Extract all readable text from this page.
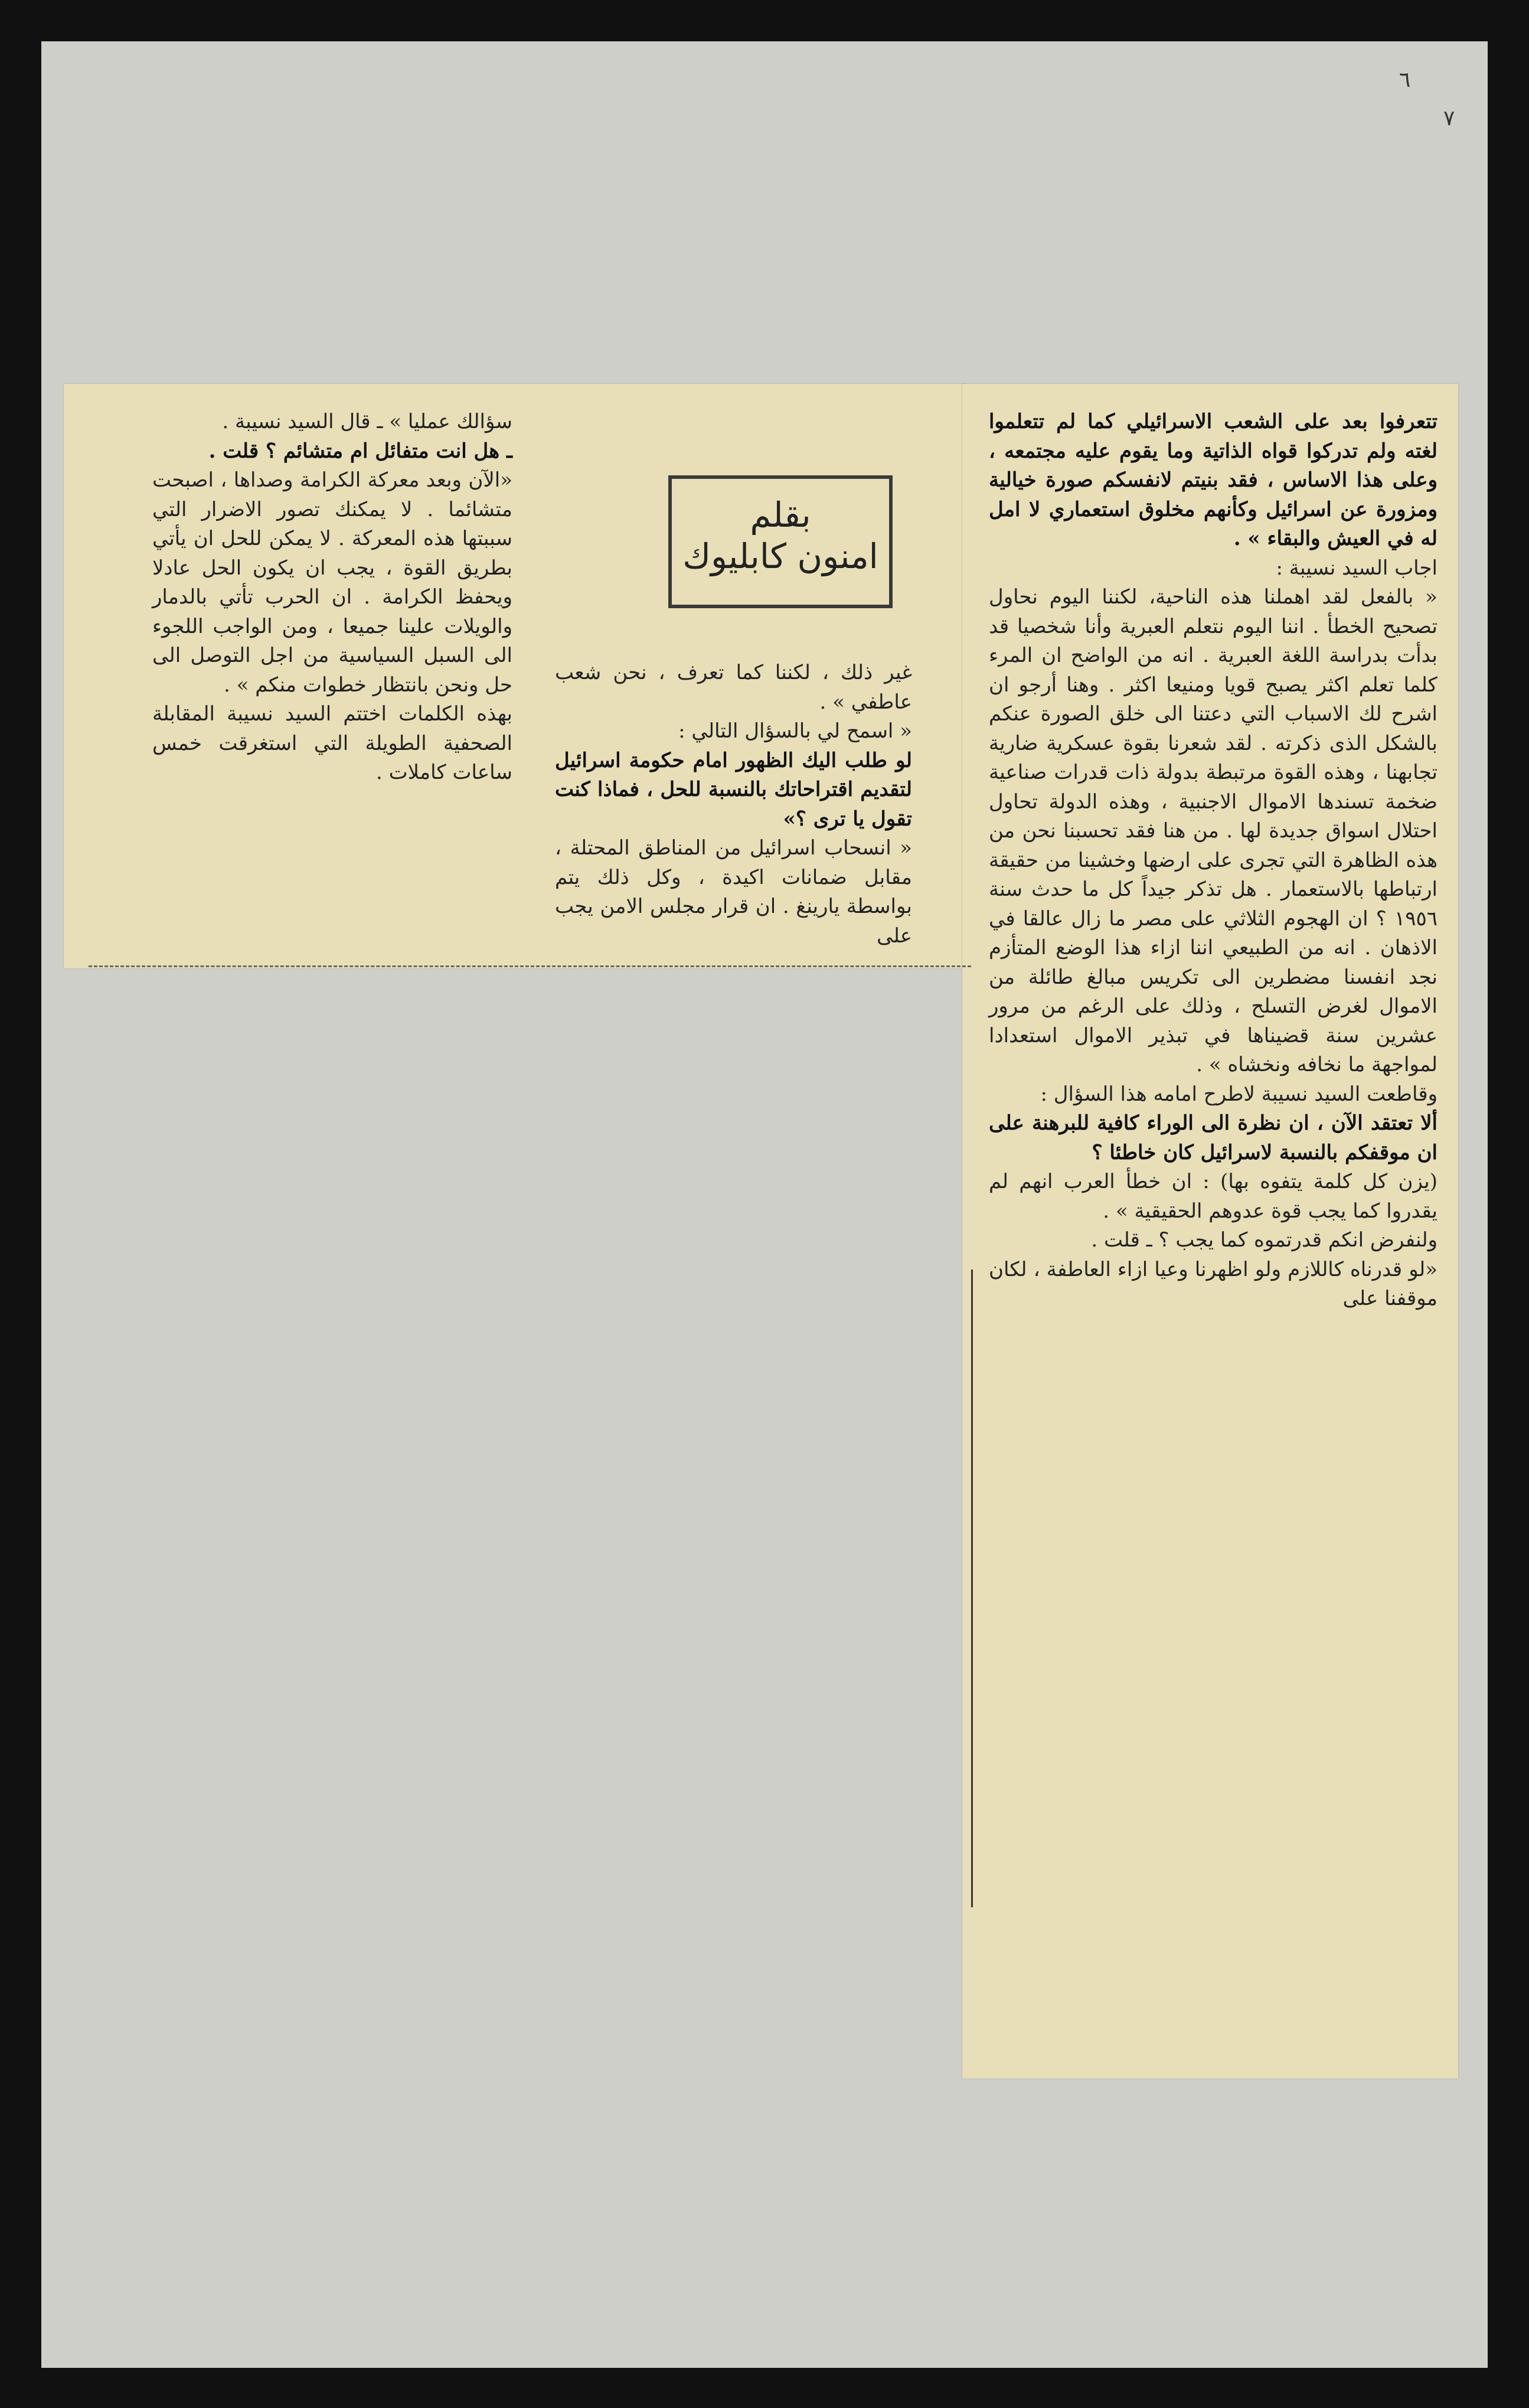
٦
٧
بقلم
امنون كابليوك

تتعرفوا بعد على الشعب الاسرائيلي كما لم تتعلموا لغته ولم تدركوا قواه الذاتية وما يقوم عليه مجتمعه ، وعلى هذا الاساس ، فقد بنيتم لانفسكم صورة خيالية ومزورة عن اسرائيل وكأنهم مخلوق استعماري لا امل له في العيش والبقاء » .

اجاب السيد نسيبة :

« بالفعل لقد اهملنا هذه الناحية، لكننا اليوم نحاول تصحيح الخطأ . اننا اليوم نتعلم العبرية وأنا شخصيا قد بدأت بدراسة اللغة العبرية . انه من الواضح ان المرء كلما تعلم اكثر يصبح قويا ومنيعا اكثر . وهنا أرجو ان اشرح لك الاسباب التي دعتنا الى خلق الصورة عنكم بالشكل الذى ذكرته . لقد شعرنا بقوة عسكرية ضارية تجابهنا ، وهذه القوة مرتبطة بدولة ذات قدرات صناعية ضخمة تسندها الاموال الاجنبية ، وهذه الدولة تحاول احتلال اسواق جديدة لها . من هنا فقد تحسبنا نحن من هذه الظاهرة التي تجرى على ارضها وخشينا من حقيقة ارتباطها بالاستعمار . هل تذكر جيداً كل ما حدث سنة ١٩٥٦ ؟ ان الهجوم الثلاثي على مصر ما زال عالقا في الاذهان . انه من الطبيعي اننا ازاء هذا الوضع المتأزم نجد انفسنا مضطرين الى تكريس مبالغ طائلة من الاموال لغرض التسلح ، وذلك على الرغم من مرور عشرين سنة قضيناها في تبذير الاموال استعدادا لمواجهة ما نخافه ونخشاه » .

وقاطعت السيد نسيبة لاطرح امامه هذا السؤال :

ألا تعتقد الآن ، ان نظرة الى الوراء كافية للبرهنة على ان موقفكم بالنسبة لاسرائيل كان خاطئا ؟

(يزن كل كلمة يتفوه بها) : ان خطأ العرب انهم لم يقدروا كما يجب قوة عدوهم الحقيقية » .

ولنفرض انكم قدرتموه كما يجب ؟ ـ قلت .

«لو قدرناه كاللازم ولو اظهرنا وعيا ازاء العاطفة ، لكان موقفنا على

غير ذلك ، لكننا كما تعرف ، نحن شعب عاطفي » .

« اسمح لي بالسؤال التالي :

لو طلب اليك الظهور امام حكومة اسرائيل لتقديم اقتراحاتك بالنسبة للحل ، فماذا كنت تقول يا ترى ؟»

« انسحاب اسرائيل من المناطق المحتلة ، مقابل ضمانات اكيدة ، وكل ذلك يتم بواسطة يارينغ . ان قرار مجلس الامن يجب على

سؤالك عمليا » ـ قال السيد نسيبة .

ـ هل انت متفائل ام متشائم ؟ قلت .

«الآن وبعد معركة الكرامة وصداها ، اصبحت متشائما . لا يمكنك تصور الاضرار التي سببتها هذه المعركة . لا يمكن للحل ان يأتي بطريق القوة ، يجب ان يكون الحل عادلا ويحفظ الكرامة . ان الحرب تأتي بالدمار والويلات علينا جميعا ، ومن الواجب اللجوء الى السبل السياسية من اجل التوصل الى حل ونحن بانتظار خطوات منكم » .

بهذه الكلمات اختتم السيد نسيبة المقابلة الصحفية الطويلة التي استغرقت خمس ساعات كاملات .
